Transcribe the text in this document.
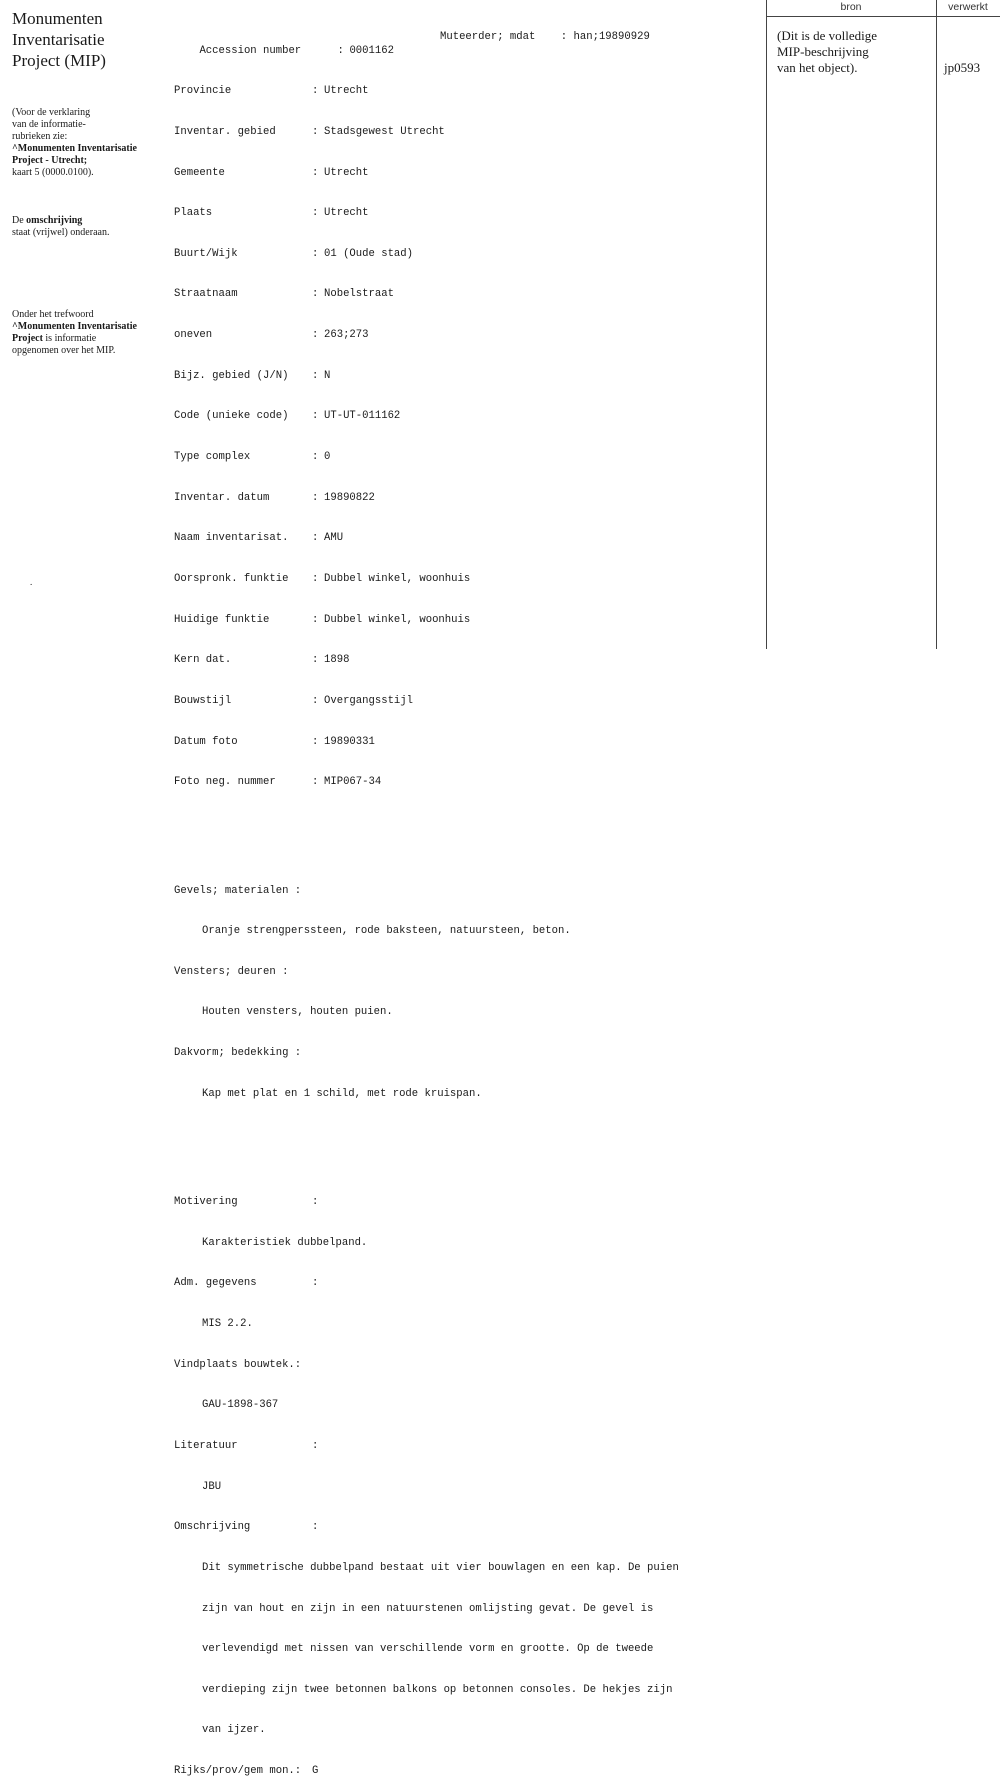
Monumenten
Inventarisatie
Project (MIP)
(Voor de verklaring
van de informatie-
rubrieken zie:
^Monumenten Inventarisatie
Project - Utrecht;
kaart 5 (0000.0100).
De omschrijving
staat (vrijwel) onderaan.
Onder het trefwoord
^Monumenten Inventarisatie
Project is informatie
opgenomen over het MIP.
.

Accession number	: 0001162

Muteerder; mdat    : han;19890929

Provincie	: Utrecht

Inventar. gebied	: Stadsgewest Utrecht

Gemeente	: Utrecht

Plaats	: Utrecht

Buurt/Wijk	: 01 (Oude stad)

Straatnaam	: Nobelstraat

oneven	: 263;273

Bijz. gebied (J/N) : N

Code (unieke code) : UT-UT-011162

Type complex	: 0

Inventar. datum	: 19890822

Naam inventarisat. : AMU

Oorspronk. funktie : Dubbel winkel, woonhuis

Huidige funktie	: Dubbel winkel, woonhuis

Kern dat.	: 1898

Bouwstijl	: Overgangsstijl

Datum foto	: 19890331

Foto neg. nummer	: MIP067-34

Gevels; materialen :

Oranje strengperssteen, rode baksteen, natuursteen, beton.

Vensters; deuren :

Houten vensters, houten puien.

Dakvorm; bedekking :

Kap met plat en 1 schild, met rode kruispan.

Motivering	:

Karakteristiek dubbelpand.

Adm. gegevens	:

MIS 2.2.

Vindplaats bouwtek.:

GAU-1898-367

Literatuur	:

JBU

Omschrijving	:

Dit symmetrische dubbelpand bestaat uit vier bouwlagen en een kap. De puien

zijn van hout en zijn in een natuurstenen omlijsting gevat. De gevel is

verlevendigd met nissen van verschillende vorm en grootte. Op de tweede

verdieping zijn twee betonnen balkons op betonnen consoles. De hekjes zijn

van ijzer.

Rijks/prov/gem mon.: G

bron	verwerkt
(Dit is de volledige
MIP-beschrijving
van het object).	jp0593
